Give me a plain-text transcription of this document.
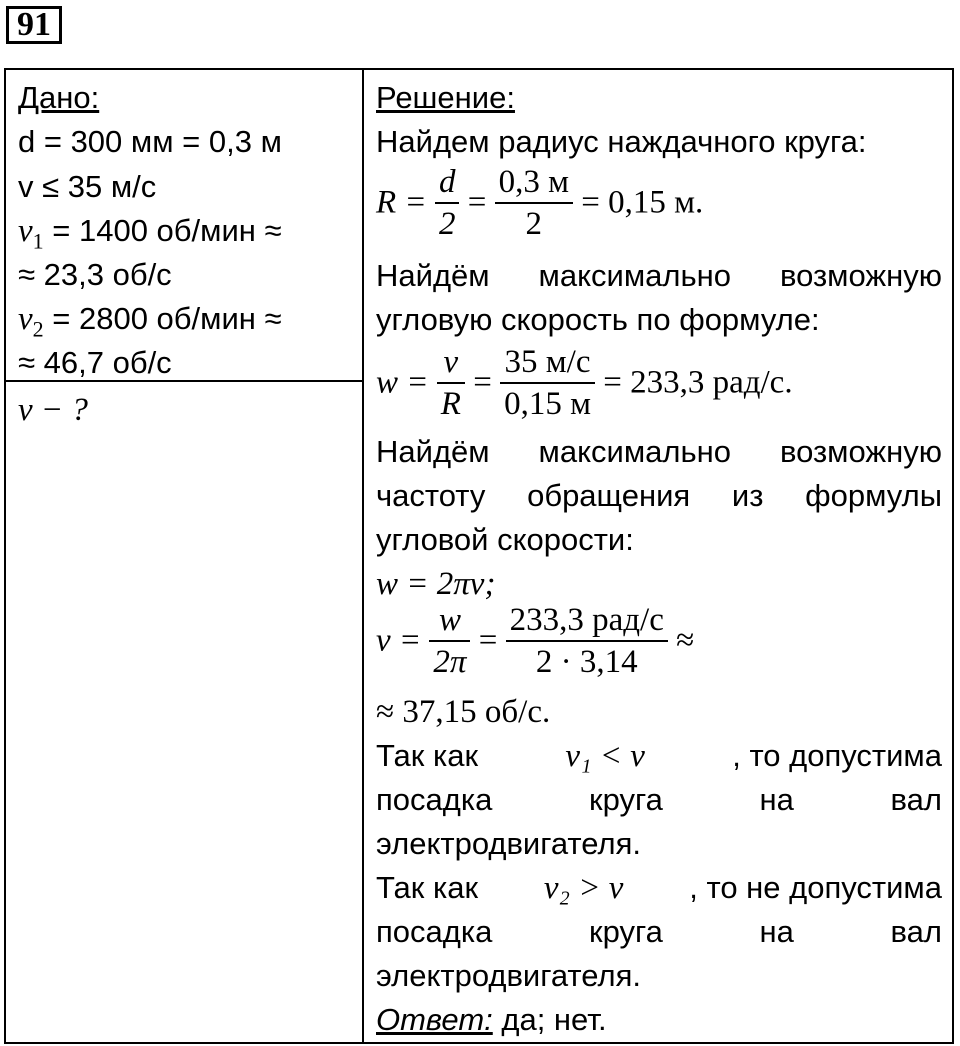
91
Дано:
d = 300 мм = 0,3 м
v ≤ 35 м/с
$\nu_1 = 1400$ об/мин ≈
≈ 23,3 об/с
$\nu_2 = 2800$ об/мин ≈
≈ 46,7 об/с
ν − ?
Решение:
Найдем радиус наждачного круга:
$R = \frac{d}{2} = \frac{0,3 м}{2} = 0,15$ м.
Найдём максимально возможную
угловую скорость по формуле:
$w = \frac{v}{R} = \frac{35 м/с}{0,15 м} = 233,3$ рад/с.
Найдём максимально возможную
частоту обращения из формулы
угловой скорости:
w = 2πν;
$\nu = \frac{w}{2\pi} = \frac{\text{233,3 рад/с}}{2 \cdot 3,14}$ ≈
≈ 37,15 об/с.
Так как	ν₁ < ν	, то допустима
посадка круга на вал
электродвигателя.
Так как ν₂ > ν , то не допустима
посадка круга на вал
электродвигателя.
Ответ: да; нет.
